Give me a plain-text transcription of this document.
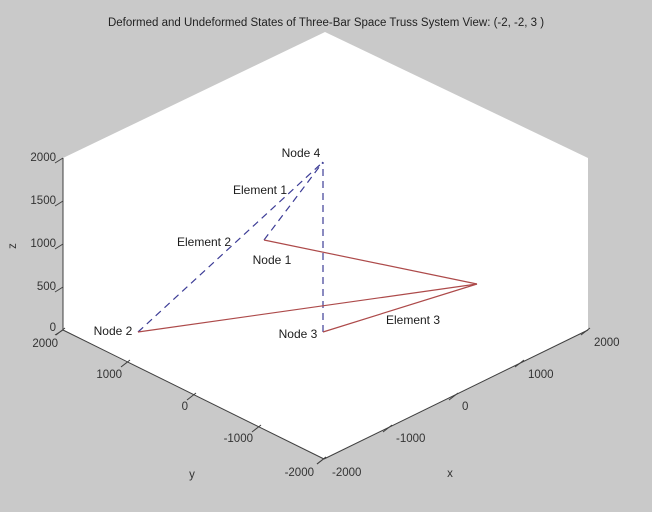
Deformed and Undeformed States of Three-Bar Space Truss System View: (-2, -2, 3 )
2000
1500
1000
500
0
2000
1000
0
-1000
-2000 -2000
-1000
0
1000
2000
z
y	x
Node 4
Node 1
Node 2	Node 3
Element 1
Element 2
Element 3
